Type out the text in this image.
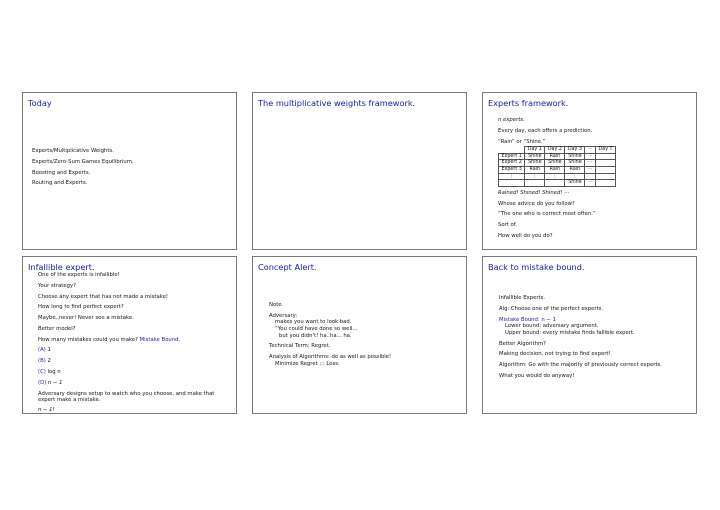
Today
Experts/Multiplicative Weights.
Experts/Zero-Sum Games Equilibrium.
Boosting and Experts.
Routing and Experts.
The multiplicative weights framework.	Experts framework.
n experts.
Every day, each offers a prediction.
“Rain” or “Shine.”
	Day 1	Day 2	Day 3	···	Day T
Expert 1	Shine	Rain	Shine	···	
Expert 2	Shine	Shine	Shine	···	
Expert 3	Rain	Rain	Rain	···	
⋮	⋮	⋮	⋮		
			Shine	···	
Rained! Shined! Shined! ···
Whose advice do you follow?
“The one who is correct most often.”
Sort of.
How well do you do?
Infallible expert.
One of the experts is infallible!
Your strategy?
Choose any expert that has not made a mistake!
How long to find perfect expert?
Maybe..never! Never see a mistake.
Better model?
How many mistakes could you make? Mistake Bound.
(A) 1
(B) 2
(C) log n
(D) n − 1
Adversary designs setup to watch who you choose, and make that expert make a mistake.
n − 1!
Concept Alert.
Note.
Adversary:
makes you want to look bad.
”You could have done so well...
but you didn’t! ha..ha... ha.
Technical Term: Regret.
Analysis of Algorithms: do as well as possible!
Minimize Regret ::: Loss.
Back to mistake bound.
Infallible Experts.
Alg: Choose one of the perfect experts.
Mistake Bound: n − 1
Lower bound: adversary argument.
Upper bound: every mistake finds fallible expert.
Better Algorithm?
Making decision, not trying to find expert!
Algorithm: Go with the majority of previously correct experts.
What you would do anyway!
